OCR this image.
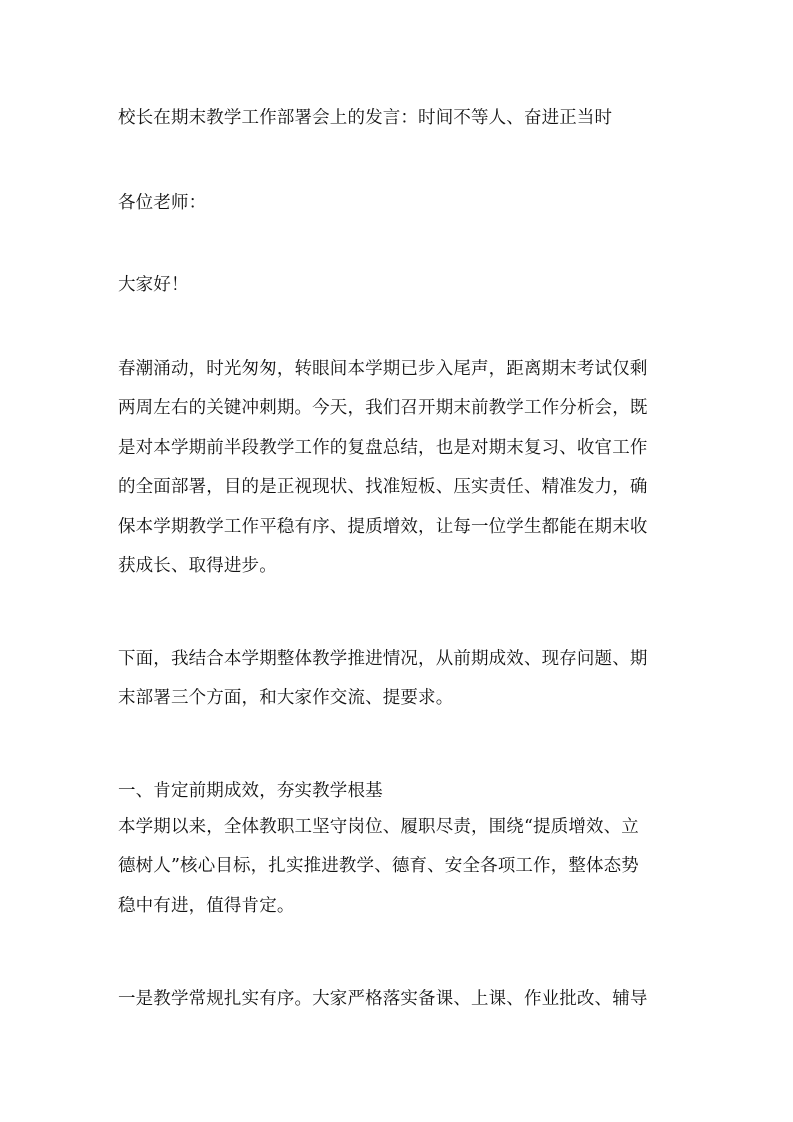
校长在期末教学工作部署会上的发言：时间不等人、奋进正当时
各位老师：
大家好！
春潮涌动，时光匆匆，转眼间本学期已步入尾声，距离期末考试仅剩
两周左右的关键冲刺期。今天，我们召开期末前教学工作分析会，既
是对本学期前半段教学工作的复盘总结，也是对期末复习、收官工作
的全面部署，目的是正视现状、找准短板、压实责任、精准发力，确
保本学期教学工作平稳有序、提质增效，让每一位学生都能在期末收
获成长、取得进步。
下面，我结合本学期整体教学推进情况，从前期成效、现存问题、期
末部署三个方面，和大家作交流、提要求。
一、肯定前期成效，夯实教学根基
本学期以来，全体教职工坚守岗位、履职尽责，围绕“提质增效、立
德树人”核心目标，扎实推进教学、德育、安全各项工作，整体态势
稳中有进，值得肯定。
一是教学常规扎实有序。大家严格落实备课、上课、作业批改、辅导
